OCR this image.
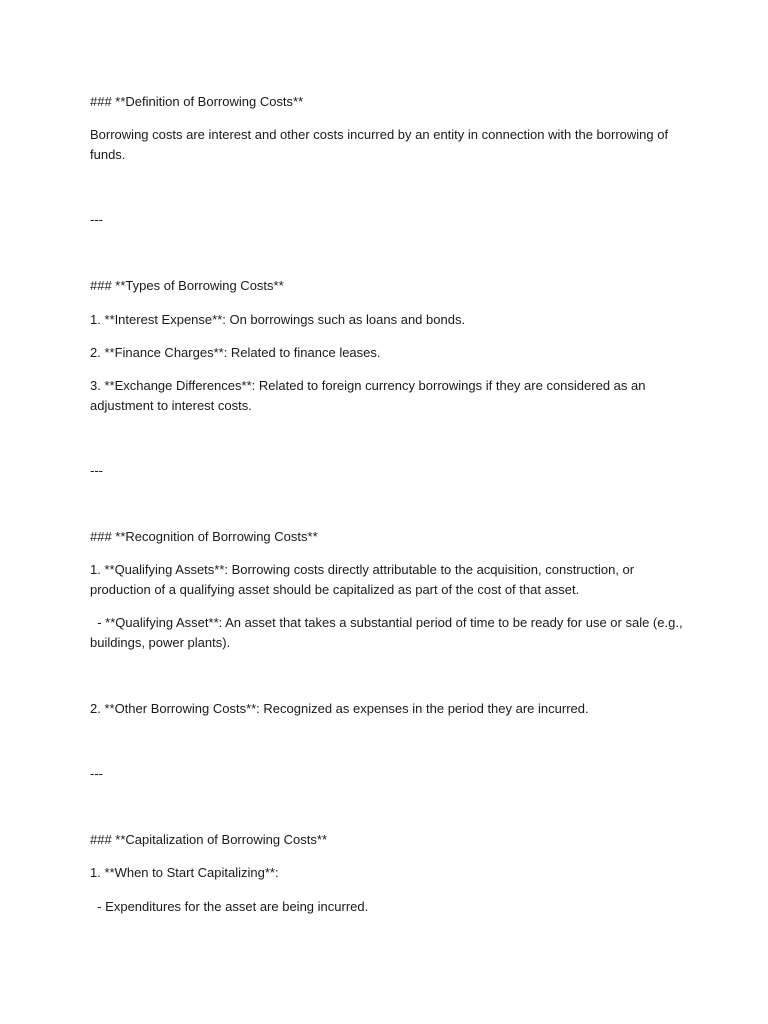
### **Definition of Borrowing Costs**
Borrowing costs are interest and other costs incurred by an entity in connection with the borrowing of
funds.
---
### **Types of Borrowing Costs**
1. **Interest Expense**: On borrowings such as loans and bonds.
2. **Finance Charges**: Related to finance leases.
3. **Exchange Differences**: Related to foreign currency borrowings if they are considered as an
adjustment to interest costs.
---
### **Recognition of Borrowing Costs**
1. **Qualifying Assets**: Borrowing costs directly attributable to the acquisition, construction, or
production of a qualifying asset should be capitalized as part of the cost of that asset.
- **Qualifying Asset**: An asset that takes a substantial period of time to be ready for use or sale (e.g.,
buildings, power plants).
2. **Other Borrowing Costs**: Recognized as expenses in the period they are incurred.
---
### **Capitalization of Borrowing Costs**
1. **When to Start Capitalizing**:
- Expenditures for the asset are being incurred.
